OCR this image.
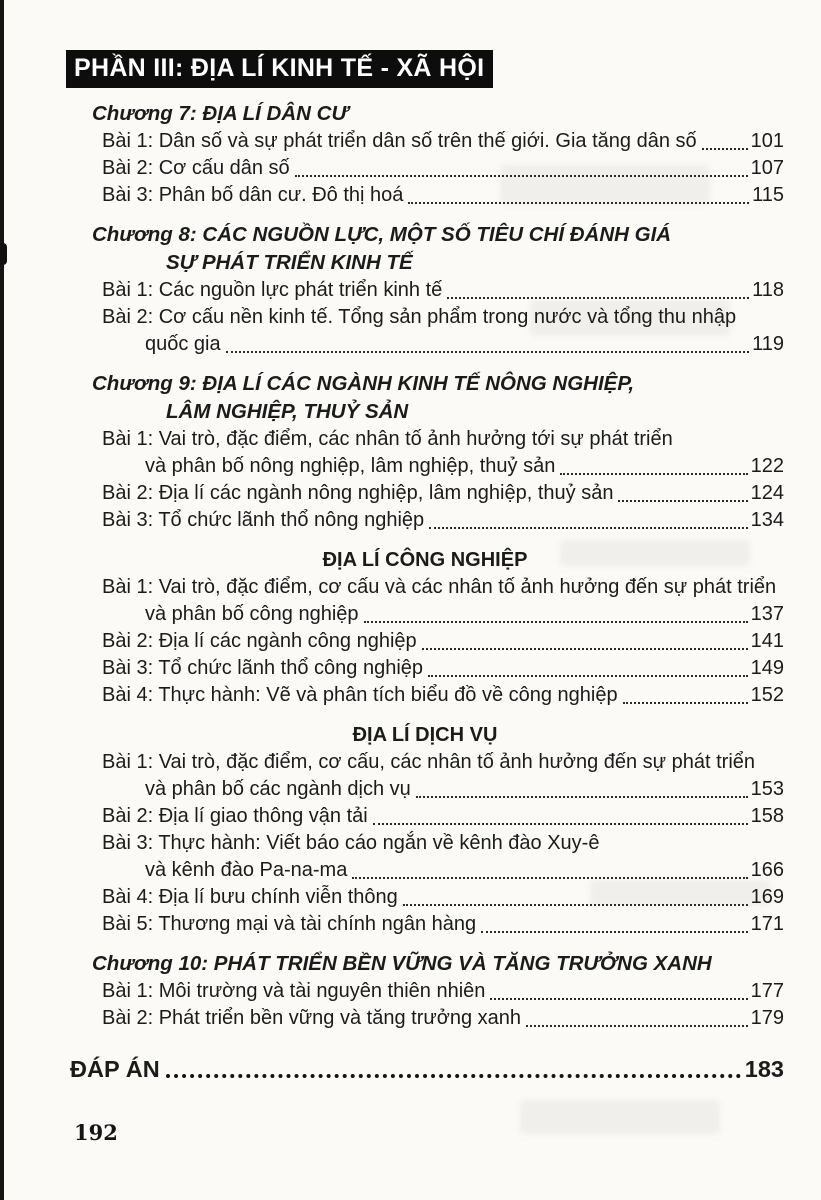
PHẦN III: ĐỊA LÍ KINH TẾ - XÃ HỘI
Chương 7: ĐỊA LÍ DÂN CƯ
Bài 1: Dân số và sự phát triển dân số trên thế giới. Gia tăng dân số	101
Bài 2: Cơ cấu dân số	107
Bài 3: Phân bố dân cư. Đô thị hoá	115
Chương 8: CÁC NGUỒN LỰC, MỘT SỐ TIÊU CHÍ ĐÁNH GIÁ
SỰ PHÁT TRIỂN KINH TẾ
Bài 1: Các nguồn lực phát triển kinh tế	118
Bài 2: Cơ cấu nền kinh tế. Tổng sản phẩm trong nước và tổng thu nhập
quốc gia	119
Chương 9: ĐỊA LÍ CÁC NGÀNH KINH TẾ NÔNG NGHIỆP,
LÂM NGHIỆP, THUỶ SẢN
Bài 1: Vai trò, đặc điểm, các nhân tố ảnh hưởng tới sự phát triển
và phân bố nông nghiệp, lâm nghiệp, thuỷ sản	122
Bài 2: Địa lí các ngành nông nghiệp, lâm nghiệp, thuỷ sản	124
Bài 3: Tổ chức lãnh thổ nông nghiệp	134
ĐỊA LÍ CÔNG NGHIỆP
Bài 1: Vai trò, đặc điểm, cơ cấu và các nhân tố ảnh hưởng đến sự phát triển
và phân bố công nghiệp	137
Bài 2: Địa lí các ngành công nghiệp	141
Bài 3: Tổ chức lãnh thổ công nghiệp	149
Bài 4: Thực hành: Vẽ và phân tích biểu đồ về công nghiệp	152
ĐỊA LÍ DỊCH VỤ
Bài 1: Vai trò, đặc điểm, cơ cấu, các nhân tố ảnh hưởng đến sự phát triển
và phân bố các ngành dịch vụ	153
Bài 2: Địa lí giao thông vận tải	158
Bài 3: Thực hành: Viết báo cáo ngắn về kênh đào Xuy-ê
và kênh đào Pa-na-ma	166
Bài 4: Địa lí bưu chính viễn thông	169
Bài 5: Thương mại và tài chính ngân hàng	171
Chương 10: PHÁT TRIỂN BỀN VỮNG VÀ TĂNG TRƯỞNG XANH
Bài 1: Môi trường và tài nguyên thiên nhiên	177
Bài 2: Phát triển bền vững và tăng trưởng xanh	179
ĐÁP ÁN	183
192
